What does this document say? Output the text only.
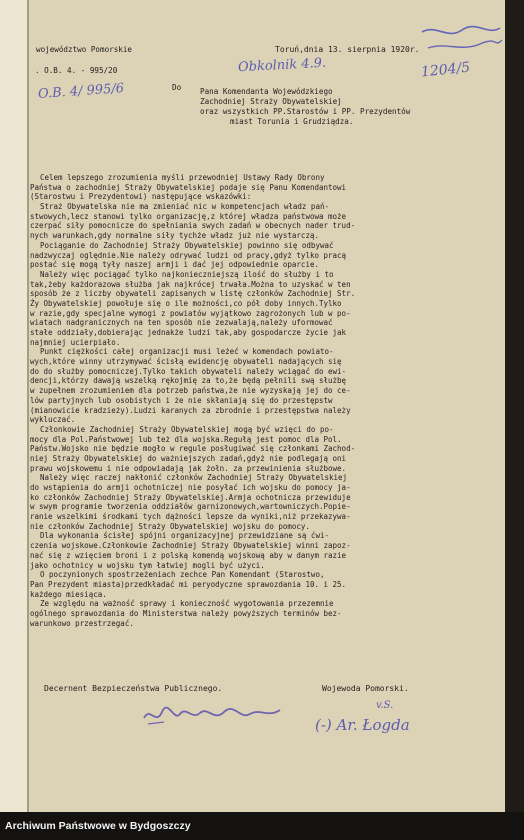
województwo Pomorskie
. O.B. 4. - 995/20
Toruń,dnia 13. sierpnia 1920r.
O.B. 4/ 995/6
Obkolnik 4.9.	1204/5
Do Pana Komendanta Wojewódzkiego
Zachodniej Straży Obywatelskiej
oraz wszystkich PP.Starostów i PP. Prezydentów
miast Torunia i Grudziądza.
Celem lepszego zrozumienia myśli przewodniej Ustawy Rady Obrony
Państwa o zachodniej Straży Obywatelskiej podaje się Panu Komendantowi
(Starostwu i Prezydentowi) następujące wskazówki:
Straż Obywatelska nie ma zmieniać nic w kompetencjach władz pań-
stwowych,lecz stanowi tylko organizację,z której władza państwowa może
czerpać siły pomocnicze do spełniania swych zadań w obecnych nader trud-
nych warunkach,gdy normalne siły tychże władz już nie wystarczą.
Pociąganie do Zachodniej Straży Obywatelskiej powinno się odbywać
nadzwyczaj oględnie.Nie należy odrywać ludzi od pracy,gdyż tylko pracą
postać się mogą tyły naszej armji i dać jej odpowiednie oparcie.
Należy więc pociągać tylko najkonieczniejszą ilość do służby i to
tak,żeby każdorazowa służba jak najkrócej trwała.Można to uzyskać w ten
sposób że z liczby obywateli zapisanych w listę członków Zachodniej Str.
Ży Obywatelskiej powołuje się o ile możności,co pół doby innych.Tylko
w razie,gdy specjalne wymogi z powiatów wyjątkowo zagrożonych lub w po-
wiatach nadgranicznych na ten sposób nie zezwalają,należy uformować
stałe oddziały,dobierając jednakże ludzi tak,aby gospodarcze życie jak
najmniej ucierpiało.
Punkt ciężkości całej organizacji musi leżeć w komendach powiato-
wych,które winny utrzymywać ścisłą ewidencję obywateli nadających się
do do służby pomocniczej.Tylko takich obywateli należy wciągać do ewi-
dencji,którzy dawają wszelką rękojmię za to,że będą pełnili swą służbę
w zupełnem zrozumieniem dla potrzeb państwa,że nie wyzyskają jej do ce-
lów partyjnych lub osobistych i że nie skłaniają się do przestępstw
(mianowicie kradzieży).Ludzi karanych za zbrodnie i przestępstwa należy
wykluczać.
Członkowie Zachodniej Straży Obywatelskiej mogą być wzięci do po-
mocy dla Pol.Państwowej lub też dla wojska.Regułą jest pomoc dla Pol.
Państw.Wojsko nie będzie mogło w regule posługiwać się członkami Zachod-
niej Straży Obywatelskiej do ważniejszych zadań,gdyż nie podlegają oni
prawu wojskowemu i nie odpowiadają jak żołn. za przewinienia służbowe.
Należy więc raczej nakłonić członków Zachodniej Straży Obywatelskiej
do wstąpienia do armji ochotniczej nie posyłać ich wojsku do pomocy ja-
ko członków Zachodniej Straży Obywatelskiej.Armja ochotnicza przewiduje
w swym programie tworzenia oddziałów garnizonowych,wartowniczych.Popie-
ranie wszelkimi środkami tych dążności lepsze da wyniki,niż przekazywa-
nie członków Zachodniej Straży Obywatelskiej wojsku do pomocy.
Dla wykonania ścisłej spójni organizacyjnej przewidziane są ćwi-
czenia wojskowe.Członkowie Zachodniej Straży Obywatelskiej winni zapoz-
nać się z wzięciem broni i z polską komendą wojskową aby w danym razie
jako ochotnicy w wojsku tym łatwiej mogli być użyci.
O poczynionych spostrzeżeniach zechce Pan Komendant (Starostwo,
Pan Prezydent miasta)przedkładać mi peryodyczne sprawozdania 10. i 25.
każdego miesiąca.
Ze względu na ważność sprawy i konieczność wygotowania przezemnie
ogólnego sprawozdania do Ministerstwa należy powyższych terminów bez-
warunkowo przestrzegać.
Decernent Bezpieczeństwa Publicznego.	Wojewoda Pomorski.
v.S.
(-) Ar. Łogda
Archiwum Państwowe w Bydgoszczy
